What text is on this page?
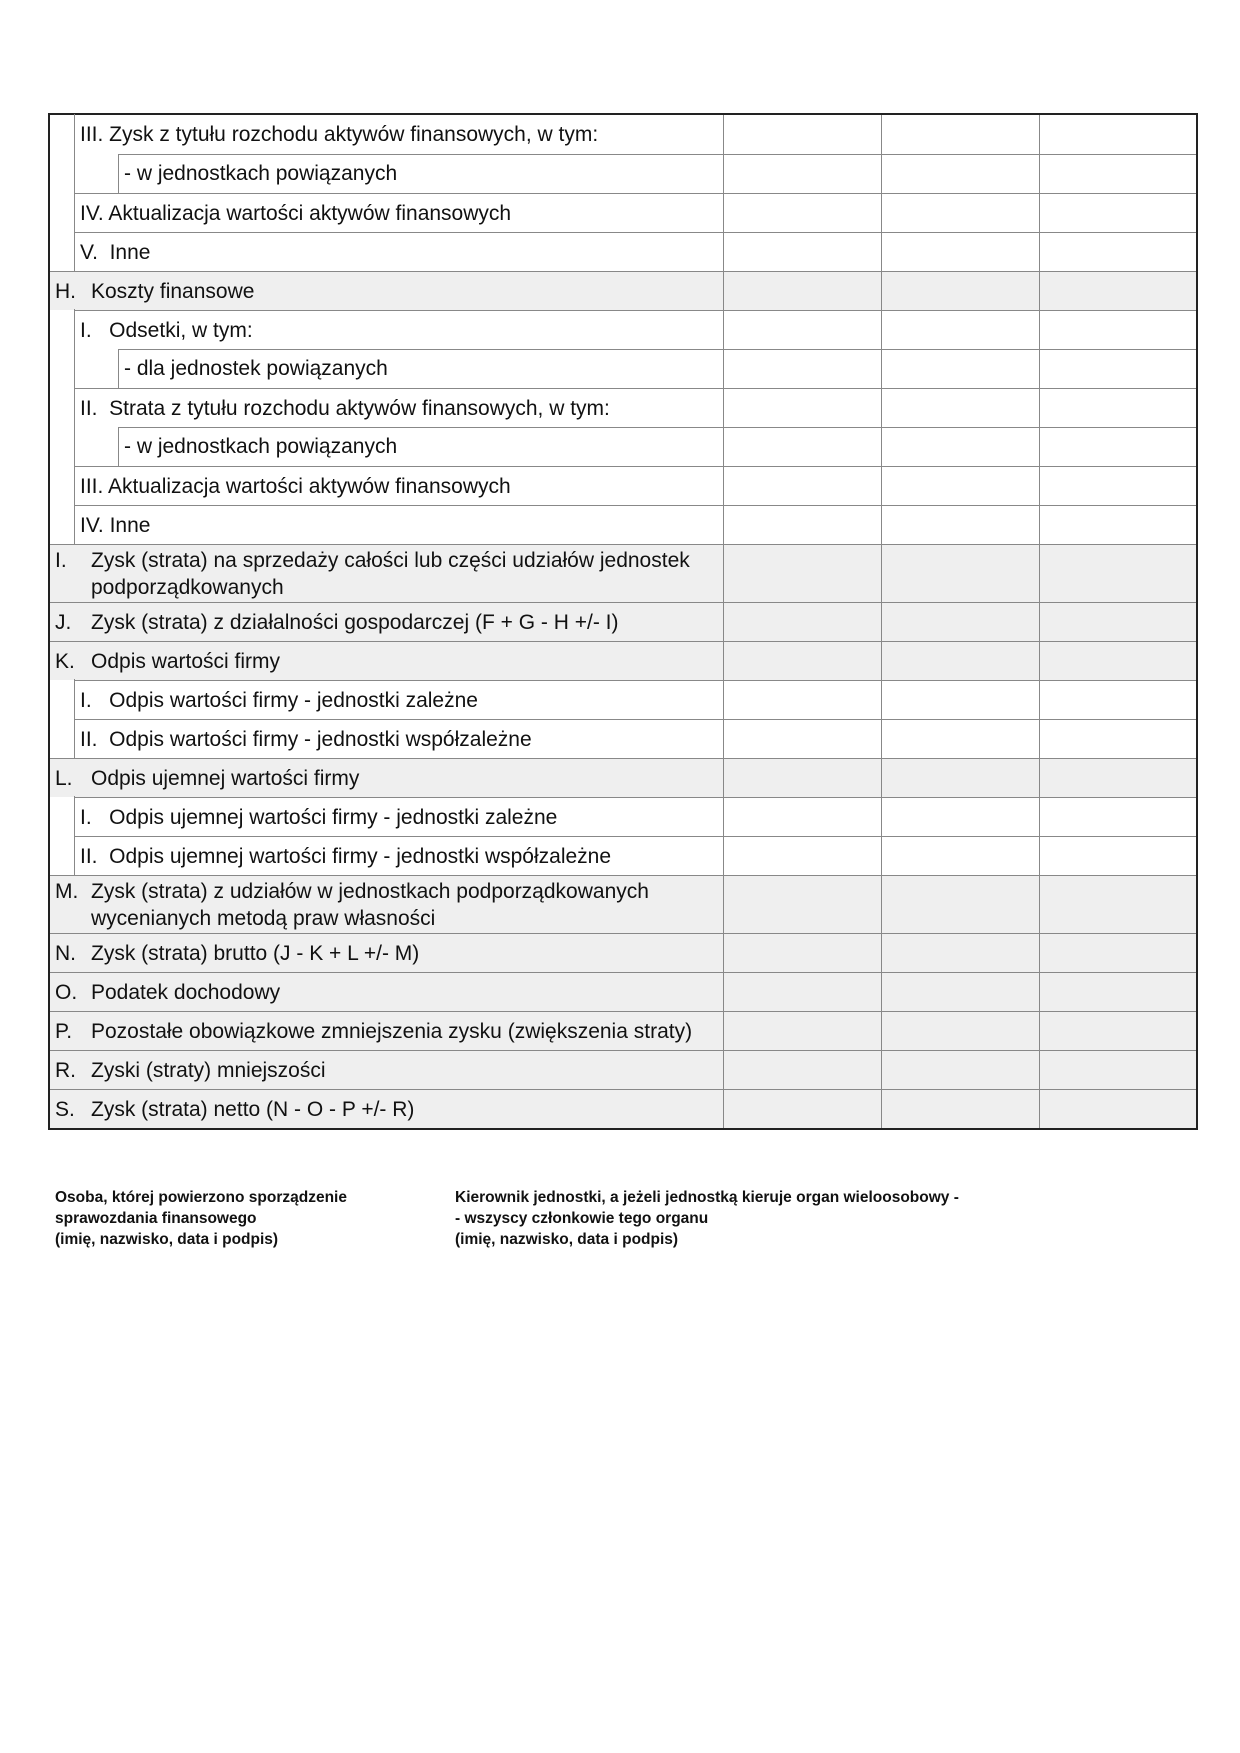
III. Zysk z tytułu rozchodu aktywów finansowych, w tym:
- w jednostkach powiązanych
IV. Aktualizacja wartości aktywów finansowych
V.  Inne
H. Koszty finansowe
I.   Odsetki, w tym:
- dla jednostek powiązanych
II.  Strata z tytułu rozchodu aktywów finansowych, w tym:
- w jednostkach powiązanych
III. Aktualizacja wartości aktywów finansowych
IV. Inne
I.	Zysk (strata) na sprzedaży całości lub części udziałów jednostek podporządkowanych
J. Zysk (strata) z działalności gospodarczej (F + G - H +/- I)
K. Odpis wartości firmy
I.   Odpis wartości firmy - jednostki zależne
II.  Odpis wartości firmy - jednostki współzależne
L. Odpis ujemnej wartości firmy
I.   Odpis ujemnej wartości firmy - jednostki zależne
II.  Odpis ujemnej wartości firmy - jednostki współzależne
M. Zysk (strata) z udziałów w jednostkach podporządkowanych wycenianych metodą praw własności
N. Zysk (strata) brutto (J - K + L +/- M)
O. Podatek dochodowy
P. Pozostałe obowiązkowe zmniejszenia zysku (zwiększenia straty)
R. Zyski (straty) mniejszości
S. Zysk (strata) netto (N - O - P +/- R)
Osoba, której powierzono sporządzenie
sprawozdania finansowego
(imię, nazwisko, data i podpis)
Kierownik jednostki, a jeżeli jednostką kieruje organ wieloosobowy -
- wszyscy członkowie tego organu
(imię, nazwisko, data i podpis)
